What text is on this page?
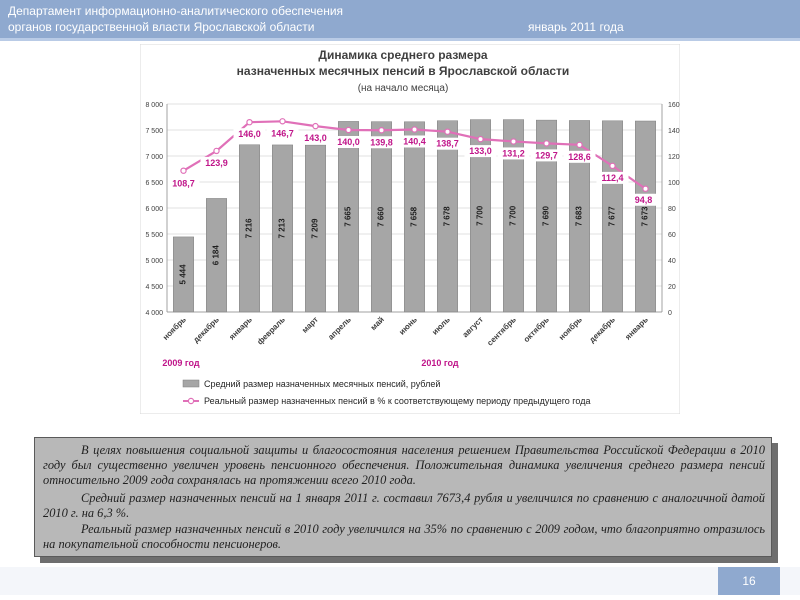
Департамент информационно-аналитического обеспечения
органов государственной власти Ярославской области	январь 2011 года
Динамика среднего размера
назначенных месячных пенсий в Ярославской области
(на начало месяца)
5 444
6 184
7 216	7 213	7 209
7 665	7 660	7 658	7 678	7 700	7 700	7 690	7 683	7 677	7 673
4 000
4 500
5 000
5 500
6 000
6 500
7 000
7 500
8 000
0
20
40
60
80
100
120
140
160
108,7
123,9
146,0 146,7 143,0 140,0 139,8 140,4 138,7
133,0 131,2 129,7 128,6
112,4
94,8
ноябрь декабрь январь февраль март апрель май июнь июль август сентябрь октябрь ноябрь декабрь январь
2009 год	2010 год
Средний размер назначенных месячных пенсий, рублей
Реальный размер назначенных пенсий в % к соответствующему периоду предыдущего года

В целях повышения социальной защиты и благосостояния населения решением Правительства Российской Федерации в 2010 году был существенно увеличен уровень пенсионного обеспечения. Положительная динамика увеличения среднего размера пенсий относительно 2009 года сохранялась на протяжении всего 2010 года.

Средний размер назначенных пенсий на 1 января 2011 г. составил 7673,4 рубля и увеличился по сравнению с аналогичной датой 2010 г. на 6,3 %.

Реальный размер назначенных пенсий в 2010 году увеличился на 35% по сравнению с 2009 годом, что благоприятно отразилось на покупательной способности пенсионеров.

16
